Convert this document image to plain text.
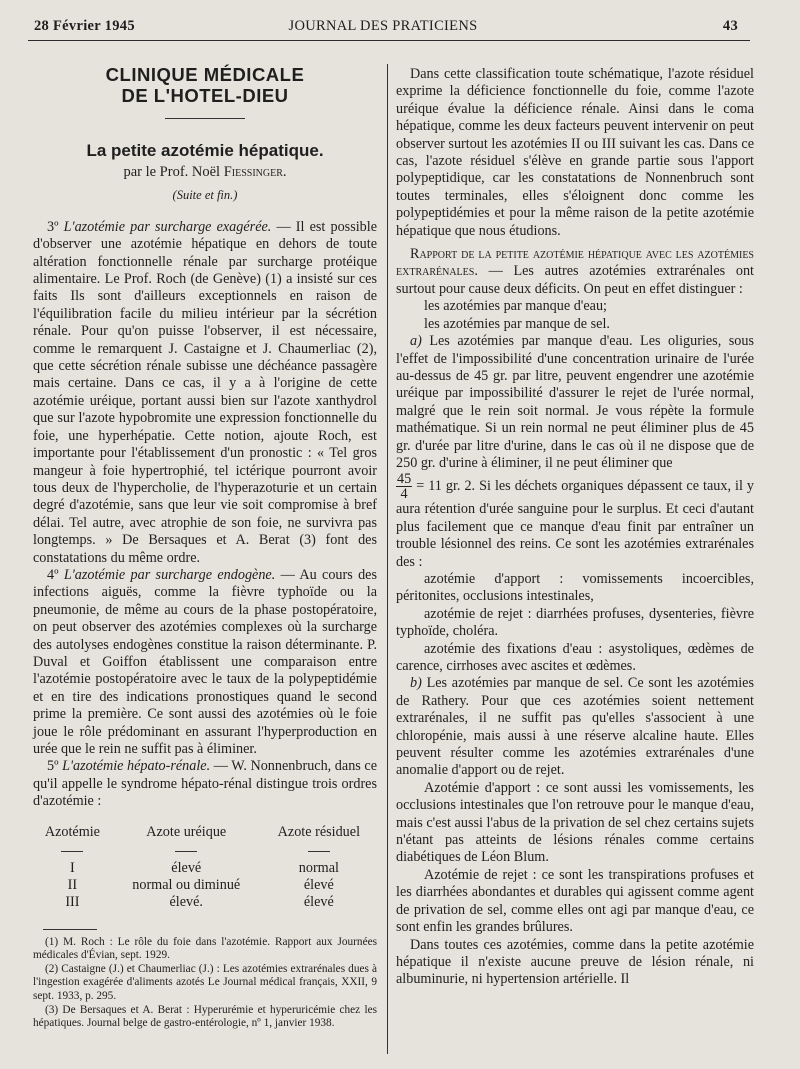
28 Février 1945	JOURNAL DES PRATICIENS	43
CLINIQUE MÉDICALE
DE L'HOTEL-DIEU
La petite azotémie hépatique.
par le Prof. Noël Fiessinger.
(Suite et fin.)

3º L'azotémie par surcharge exagérée. — Il est possible d'observer une azotémie hépatique en dehors de toute altération fonctionnelle rénale par surcharge protéique alimentaire. Le Prof. Roch (de Genève) (1) a insisté sur ces faits Ils sont d'ailleurs exceptionnels en raison de l'équilibration facile du milieu intérieur par la sécrétion rénale. Pour qu'on puisse l'observer, il est nécessaire, comme le remarquent J. Castaigne et J. Chaumerliac (2), que cette sécrétion rénale subisse une déchéance passagère mais certaine. Dans ce cas, il y a à l'origine de cette azotémie uréique, portant aussi bien sur l'azote xanthydrol que sur l'azote hypobromite une expression fonctionnelle du foie, une hyperhépatie. Cette notion, ajoute Roch, est importante pour l'établissement d'un pronostic : « Tel gros mangeur à foie hypertrophié, tel ictérique pourront avoir tous deux de l'hypercholie, de l'hyperazoturie et un certain degré d'azotémie, sans que leur vie soit compromise à bref délai. Tel autre, avec atrophie de son foie, ne survivra pas longtemps. » De Bersaques et A. Berat (3) font des constatations du même ordre.

4º L'azotémie par surcharge endogène. — Au cours des infections aiguës, comme la fièvre typhoïde ou la pneumonie, de même au cours de la phase postopératoire, on peut observer des azotémies complexes où la surcharge des autolyses endogènes constitue la raison déterminante. P. Duval et Goiffon établissent une comparaison entre l'azotémie postopératoire avec le taux de la polypeptidémie et en tire des indications pronostiques quand le second prime la première. Ce sont aussi des azotémies où le foie joue le rôle prédominant en assurant l'hyperproduction en urée que le rein ne suffit pas à éliminer.

5º L'azotémie hépato-rénale. — W. Nonnenbruch, dans ce qu'il appelle le syndrome hépato-rénal distingue trois ordres d'azotémie :

Azotémie	Azote uréique	Azote résiduel

I	élevé	normal
II	normal ou diminué	élevé
III	élevé.	élevé

(1) M. Roch : Le rôle du foie dans l'azotémie. Rapport aux Journées médicales d'Évian, sept. 1929.

(2) Castaigne (J.) et Chaumerliac (J.) : Les azotémies extrarénales dues à l'ingestion exagérée d'aliments azotés Le Journal médical français, XXII, 9 sept. 1933, p. 295.

(3) De Bersaques et A. Berat : Hyperurémie et hyperuricémie chez les hépatiques. Journal belge de gastro-entérologie, nº 1, janvier 1938.

Dans cette classification toute schématique, l'azote résiduel exprime la déficience fonctionnelle du foie, comme l'azote uréique évalue la déficience rénale. Ainsi dans le coma hépatique, comme les deux facteurs peuvent intervenir on peut observer surtout les azotémies II ou III suivant les cas. Dans ce cas, l'azote résiduel s'élève en grande partie sous l'apport polypeptidique, car les constatations de Nonnenbruch sont toutes terminales, elles s'éloignent donc comme les polypeptidémies et pour la même raison de la petite azotémie hépatique que nous étudions.

Rapport de la petite azotémie hépatique avec les azotémies extrarénales. — Les autres azotémies extrarénales ont surtout pour cause deux déficits. On peut en effet distinguer :

les azotémies par manque d'eau;

les azotémies par manque de sel.

a) Les azotémies par manque d'eau. Les oliguries, sous l'effet de l'impossibilité d'une concentration urinaire de l'urée au-dessus de 45 gr. par litre, peuvent engendrer une azotémie uréique par impossibilité d'assurer le rejet de l'urée normal, malgré que le rein soit normal. Je vous répète la formule mathématique. Si un rein normal ne peut éliminer plus de 45 gr. d'urée par litre d'urine, dans le cas où il ne dispose que de 250 gr. d'urine à éliminer, il ne peut éliminer que

$\frac{45}{4} = 11$ gr. 2. Si les déchets organiques dépassent ce taux, il y aura rétention d'urée sanguine pour le surplus. Et ceci d'autant plus facilement que ce manque d'eau finit par entraîner un trouble lésionnel des reins. Ce sont les azotémies extrarénales des :

azotémie d'apport : vomissements incoercibles, péritonites, occlusions intestinales,

azotémie de rejet : diarrhées profuses, dysenteries, fièvre typhoïde, choléra.

azotémie des fixations d'eau : asystoliques, œdèmes de carence, cirrhoses avec ascites et œdèmes.

b) Les azotémies par manque de sel. Ce sont les azotémies de Rathery. Pour que ces azotémies soient nettement extrarénales, il ne suffit pas qu'elles s'associent à une chloropénie, mais aussi à une réserve alcaline haute. Elles peuvent résulter comme les azotémies extrarénales d'une anomalie d'apport ou de rejet.

Azotémie d'apport : ce sont aussi les vomissements, les occlusions intestinales que l'on retrouve pour le manque d'eau, mais c'est aussi l'abus de la privation de sel chez certains sujets n'étant pas atteints de lésions rénales comme certains diabétiques de Léon Blum.

Azotémie de rejet : ce sont les transpirations profuses et les diarrhées abondantes et durables qui agissent comme agent de privation de sel, comme elles ont agi par manque d'eau, ce sont enfin les grandes brûlures.

Dans toutes ces azotémies, comme dans la petite azotémie hépatique il n'existe aucune preuve de lésion rénale, ni albuminurie, ni hypertension artérielle. Il
